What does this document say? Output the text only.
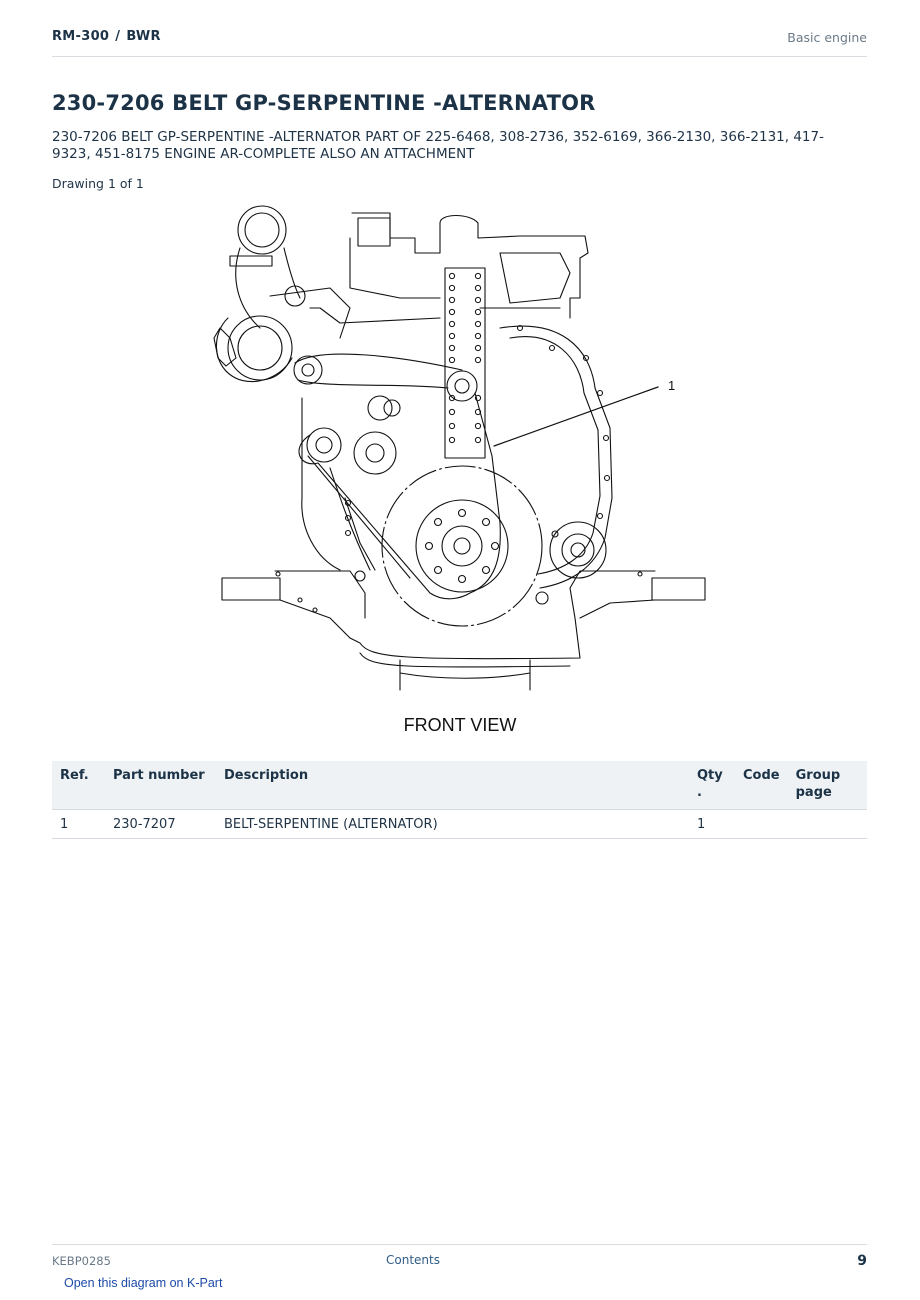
RM-300 / BWR	Basic engine
230-7206 BELT GP-SERPENTINE -ALTERNATOR

230-7206 BELT GP-SERPENTINE -ALTERNATOR PART OF 225-6468, 308-2736, 352-6169, 366-2130, 366-2131, 417-9323, 451-8175 ENGINE AR-COMPLETE ALSO AN ATTACHMENT

Drawing 1 of 1
1
FRONT VIEW
Ref.	Part number	Description	Qty .	Code	Group page
1	230-7207	BELT-SERPENTINE (ALTERNATOR)	1		
KEBP0285	Contents	9
Open this diagram on K-Part
